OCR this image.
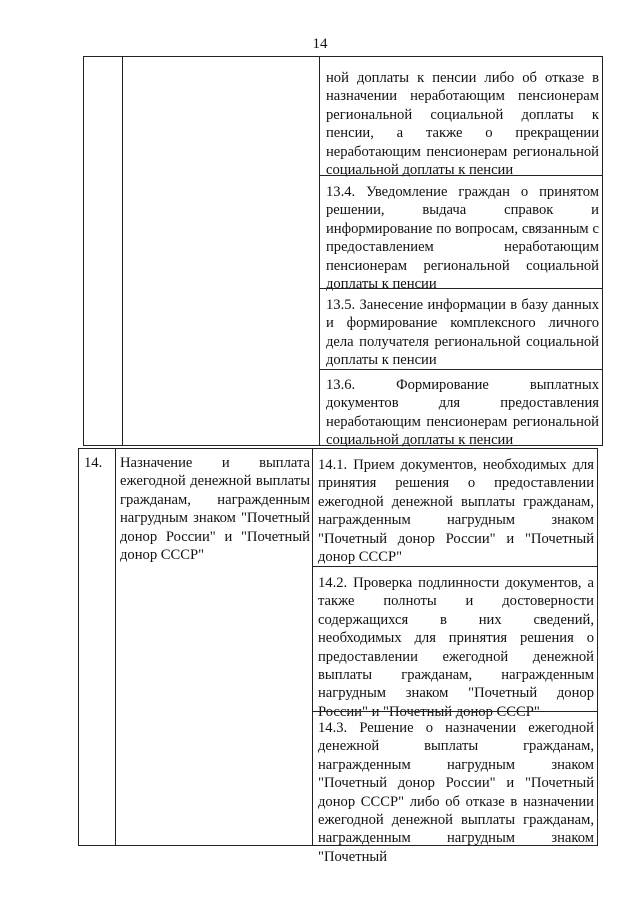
14
ной доплаты к пенсии либо об отказе в назначении неработающим пенсионерам региональной социальной доплаты к пенсии, а также о прекращении неработающим пенсионерам региональной социальной доплаты к пенсии
13.4. Уведомление граждан о принятом решении, выдача справок и информирование по вопросам, связанным с предоставлением неработающим пенсионерам региональной социальной доплаты к пенсии
13.5. Занесение информации в базу данных и формирование комплексного личного дела получателя региональной социальной доплаты к пенсии
13.6. Формирование выплатных документов для предоставления неработающим пенсионерам региональной социальной доплаты к пенсии
14. Назначение и выплата ежегодной денежной выплаты гражданам, награжденным нагрудным знаком "Почетный донор России" и "Почетный донор СССР"
14.1. Прием документов, необходимых для принятия решения о предоставлении ежегодной денежной выплаты гражданам, награжденным нагрудным знаком "Почетный донор России" и "Почетный донор СССР"
14.2. Проверка подлинности документов, а также полноты и достоверности содержащихся в них сведений, необходимых для принятия решения о предоставлении ежегодной денежной выплаты гражданам, награжденным нагрудным знаком "Почетный донор России" и "Почетный донор СССР"
14.3. Решение о назначении ежегодной денежной выплаты гражданам, награжденным нагрудным знаком "Почетный донор России" и "Почетный донор СССР" либо об отказе в назначении ежегодной денежной выплаты гражданам, награжденным нагрудным знаком "Почетный
